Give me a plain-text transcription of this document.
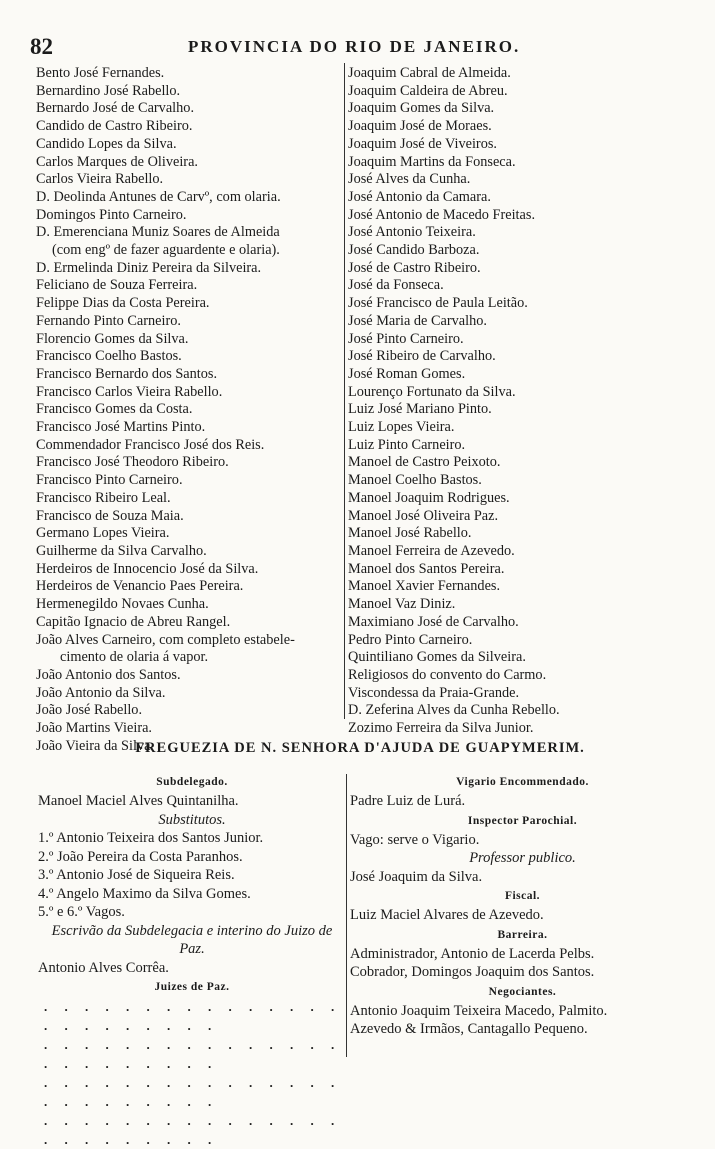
82	PROVINCIA DO RIO DE JANEIRO.
Bento José Fernandes.
Bernardino José Rabello.
Bernardo José de Carvalho.
Candido de Castro Ribeiro.
Candido Lopes da Silva.
Carlos Marques de Oliveira.
Carlos Vieira Rabello.
D. Deolinda Antunes de Carvº, com olaria.
Domingos Pinto Carneiro.
D. Emerenciana Muniz Soares de Almeida
(com engº de fazer aguardente e olaria).
D. Ermelinda Diniz Pereira da Silveira.
Feliciano de Souza Ferreira.
Felippe Dias da Costa Pereira.
Fernando Pinto Carneiro.
Florencio Gomes da Silva.
Francisco Coelho Bastos.
Francisco Bernardo dos Santos.
Francisco Carlos Vieira Rabello.
Francisco Gomes da Costa.
Francisco José Martins Pinto.
Commendador Francisco José dos Reis.
Francisco José Theodoro Ribeiro.
Francisco Pinto Carneiro.
Francisco Ribeiro Leal.
Francisco de Souza Maia.
Germano Lopes Vieira.
Guilherme da Silva Carvalho.
Herdeiros de Innocencio José da Silva.
Herdeiros de Venancio Paes Pereira.
Hermenegildo Novaes Cunha.
Capitão Ignacio de Abreu Rangel.
João Alves Carneiro, com completo estabele-
cimento de olaria á vapor.
João Antonio dos Santos.
João Antonio da Silva.
João José Rabello.
João Martins Vieira.
João Vieira da Silva.
Joaquim Cabral de Almeida.
Joaquim Caldeira de Abreu.
Joaquim Gomes da Silva.
Joaquim José de Moraes.
Joaquim José de Viveiros.
Joaquim Martins da Fonseca.
José Alves da Cunha.
José Antonio da Camara.
José Antonio de Macedo Freitas.
José Antonio Teixeira.
José Candido Barboza.
José de Castro Ribeiro.
José da Fonseca.
José Francisco de Paula Leitão.
José Maria de Carvalho.
José Pinto Carneiro.
José Ribeiro de Carvalho.
José Roman Gomes.
Lourenço Fortunato da Silva.
Luiz José Mariano Pinto.
Luiz Lopes Vieira.
Luiz Pinto Carneiro.
Manoel de Castro Peixoto.
Manoel Coelho Bastos.
Manoel Joaquim Rodrigues.
Manoel José Oliveira Paz.
Manoel José Rabello.
Manoel Ferreira de Azevedo.
Manoel dos Santos Pereira.
Manoel Xavier Fernandes.
Manoel Vaz Diniz.
Maximiano José de Carvalho.
Pedro Pinto Carneiro.
Quintiliano Gomes da Silveira.
Religiosos do convento do Carmo.
Viscondessa da Praia-Grande.
D. Zeferina Alves da Cunha Rebello.
Zozimo Ferreira da Silva Junior.
FREGUEZIA DE N. SENHORA D'AJUDA DE GUAPYMERIM.
Subdelegado.
Manoel Maciel Alves Quintanilha.
Substitutos.
1.º Antonio Teixeira dos Santos Junior.
2.º João Pereira da Costa Paranhos.
3.º Antonio José de Siqueira Reis.
4.º Angelo Maximo da Silva Gomes.
5.º e 6.º Vagos.
Escrivão da Subdelegacia e interino do Juizo de Paz.
Antonio Alves Corrêa.
Juizes de Paz.
. . . . . . . . . . . . . . . . . . . . . . . .
. . . . . . . . . . . . . . . . . . . . . . . .
. . . . . . . . . . . . . . . . . . . . . . . .
. . . . . . . . . . . . . . . . . . . . . . . .
Vigario Encommendado.
Padre Luiz de Lurá.
Inspector Parochial.
Vago: serve o Vigario.
Professor publico.
José Joaquim da Silva.
Fiscal.
Luiz Maciel Alvares de Azevedo.
Barreira.
Administrador, Antonio de Lacerda Pelbs.
Cobrador, Domingos Joaquim dos Santos.
Negociantes.
Antonio Joaquim Teixeira Macedo, Palmito.
Azevedo & Irmãos, Cantagallo Pequeno.
